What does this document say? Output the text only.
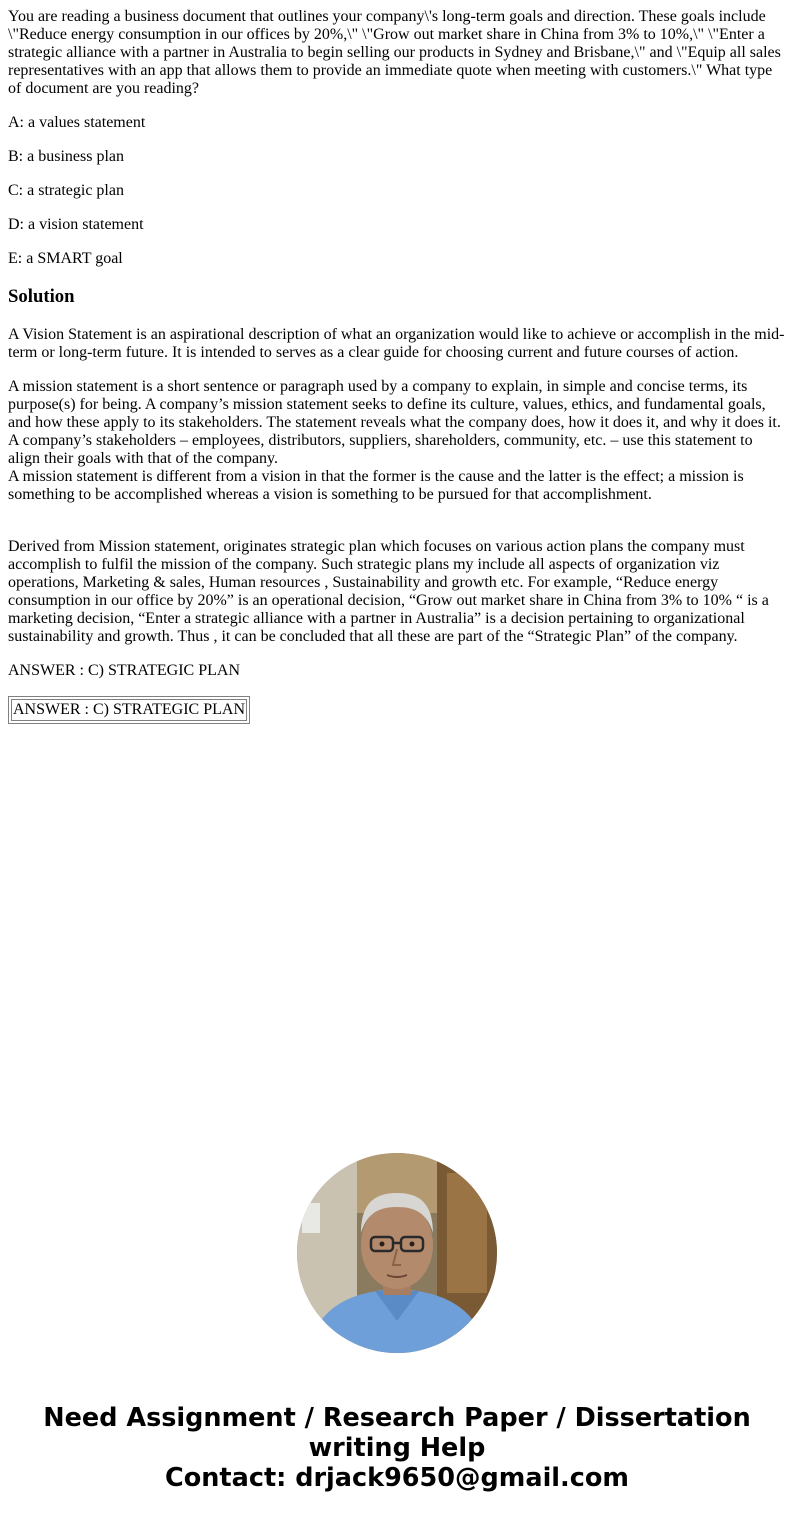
You are reading a business document that outlines your company\'s long-term goals and direction. These goals include \"Reduce energy consumption in our offices by 20%,\" \"Grow out market share in China from 3% to 10%,\" \"Enter a strategic alliance with a partner in Australia to begin selling our products in Sydney and Brisbane,\" and \"Equip all sales representatives with an app that allows them to provide an immediate quote when meeting with customers.\" What type of document are you reading?

A: a values statement

B: a business plan

C: a strategic plan

D: a vision statement

E: a SMART goal

Solution

A Vision Statement is an aspirational description of what an organization would like to achieve or accomplish in the mid-term or long-term future. It is intended to serves as a clear guide for choosing current and future courses of action.

A mission statement is a short sentence or paragraph used by a company to explain, in simple and concise terms, its purpose(s) for being. A company’s mission statement seeks to define its culture, values, ethics, and fundamental goals, and how these apply to its stakeholders. The statement reveals what the company does, how it does it, and why it does it. A company’s stakeholders – employees, distributors, suppliers, shareholders, community, etc. – use this statement to align their goals with that of the company.
A mission statement is different from a vision in that the former is the cause and the latter is the effect; a mission is something to be accomplished whereas a vision is something to be pursued for that accomplishment.

Derived from Mission statement, originates strategic plan which focuses on various action plans the company must accomplish to fulfil the mission of the company. Such strategic plans my include all aspects of organization viz operations, Marketing & sales, Human resources , Sustainability and growth etc. For example, “Reduce energy consumption in our office by 20%” is an operational decision, “Grow out market share in China from 3% to 10% “ is a marketing decision, “Enter a strategic alliance with a partner in Australia” is a decision pertaining to organizational sustainability and growth. Thus , it can be concluded that all these are part of the “Strategic Plan” of the company.

ANSWER : C) STRATEGIC PLAN

ANSWER : C) STRATEGIC PLAN
Need Assignment / Research Paper / Dissertation
writing Help
Contact: drjack9650@gmail.com
